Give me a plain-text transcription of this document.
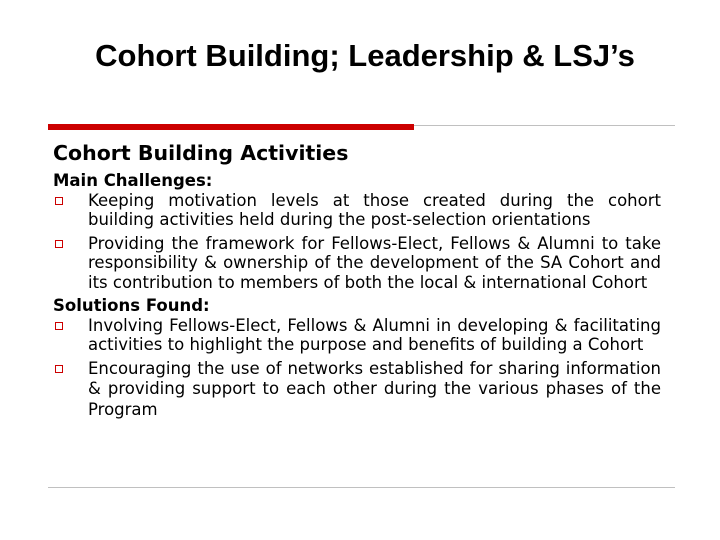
Cohort Building; Leadership & LSJ’s
Cohort Building Activities
Main Challenges:
Keeping motivation levels at those created during the cohort building activities held during the post-selection orientations
Providing the framework for Fellows-Elect, Fellows & Alumni to take responsibility & ownership of the development of the SA Cohort and its contribution to members of both the local & international Cohort
Solutions Found:
Involving Fellows-Elect, Fellows & Alumni in developing & facilitating activities to highlight the purpose and benefits of building a Cohort
Encouraging the use of networks established for sharing information & providing support to each other during the various phases of the Program
